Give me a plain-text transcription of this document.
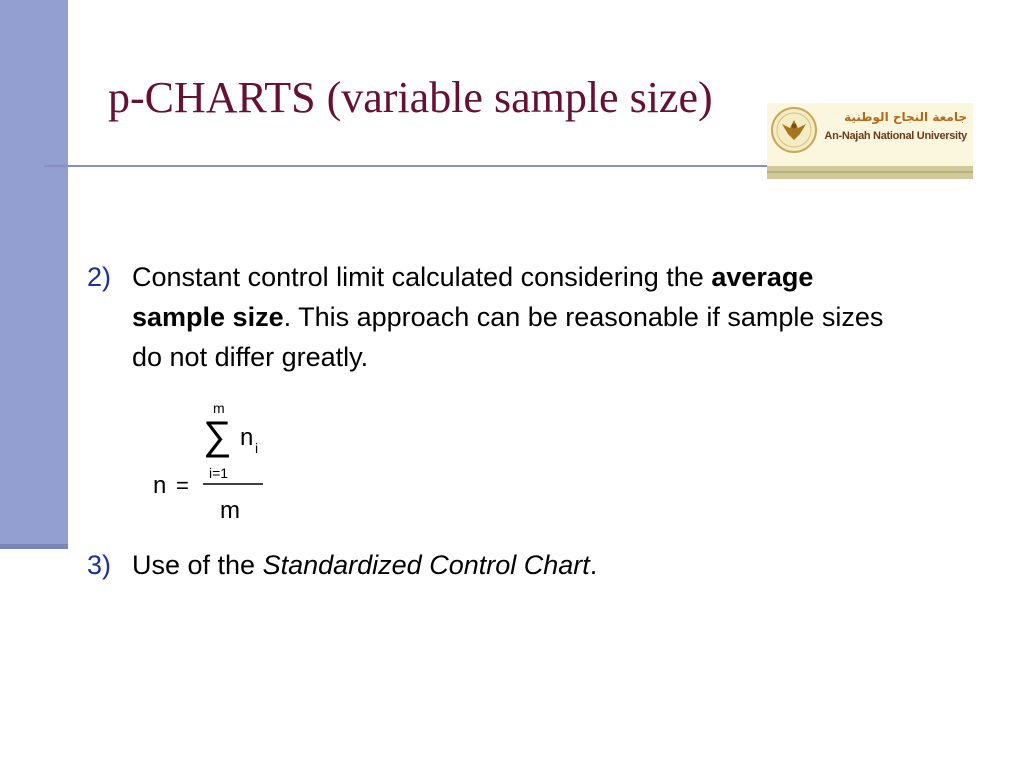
p-CHARTS (variable sample size)	جامعة النجاح الوطنية
An-Najah National University
2) Constant control limit calculated considering the average sample size. This approach can be reasonable if sample sizes do not differ greatly.
n =
m
∑ n i
i=1
m
3) Use of the Standardized Control Chart.
